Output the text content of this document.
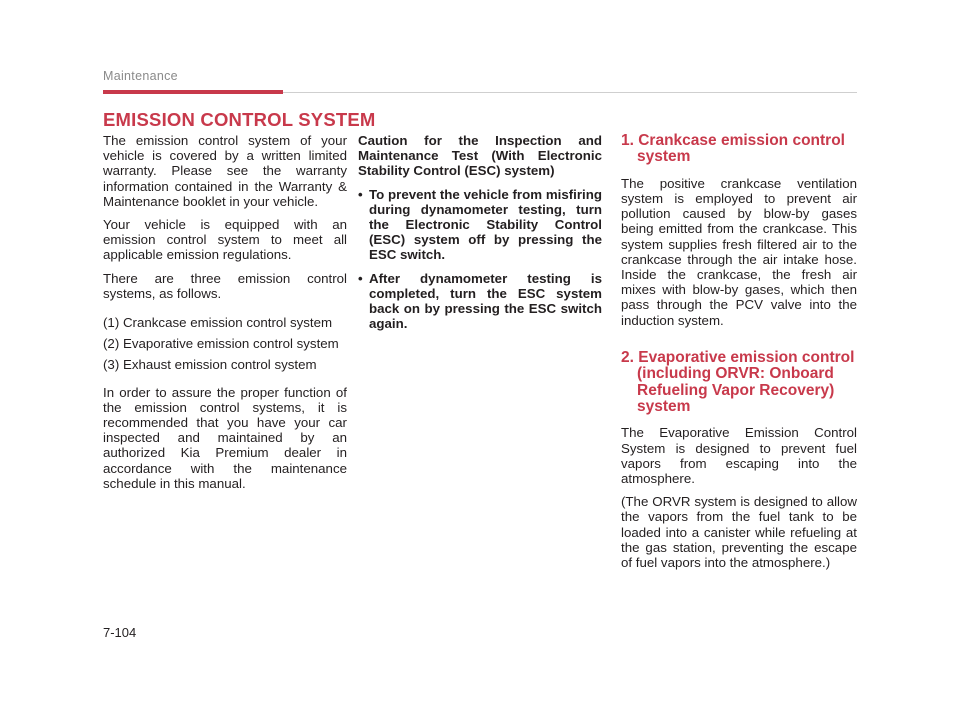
Maintenance
EMISSION CONTROL SYSTEM

The emission control system of your vehicle is covered by a written limited warranty. Please see the warranty information contained in the Warranty & Maintenance booklet in your vehicle.

Your vehicle is equipped with an emission control system to meet all applicable emission regulations.

There are three emission control systems, as follows.

(1) Crankcase emission control system
(2) Evaporative emission control system
(3) Exhaust emission control system

In order to assure the proper function of the emission control systems, it is recommended that you have your car inspected and maintained by an authorized Kia Premium dealer in accordance with the maintenance schedule in this manual.

Caution for the Inspection and Maintenance Test (With Electronic Stability Control (ESC) system)

• To prevent the vehicle from misfiring during dynamometer testing, turn the Electronic Stability Control (ESC) system off by pressing the ESC switch.
• After dynamometer testing is completed, turn the ESC system back on by pressing the ESC switch again.
1. Crankcase emission control system

The positive crankcase ventilation system is employed to prevent air pollution caused by blow-by gases being emitted from the crankcase. This system supplies fresh filtered air to the crankcase through the air intake hose. Inside the crankcase, the fresh air mixes with blow-by gases, which then pass through the PCV valve into the induction system.

2. Evaporative emission control (including ORVR: Onboard Refueling Vapor Recovery) system

The Evaporative Emission Control System is designed to prevent fuel vapors from escaping into the atmosphere.

(The ORVR system is designed to allow the vapors from the fuel tank to be loaded into a canister while refueling at the gas station, preventing the escape of fuel vapors into the atmosphere.)

7-104
